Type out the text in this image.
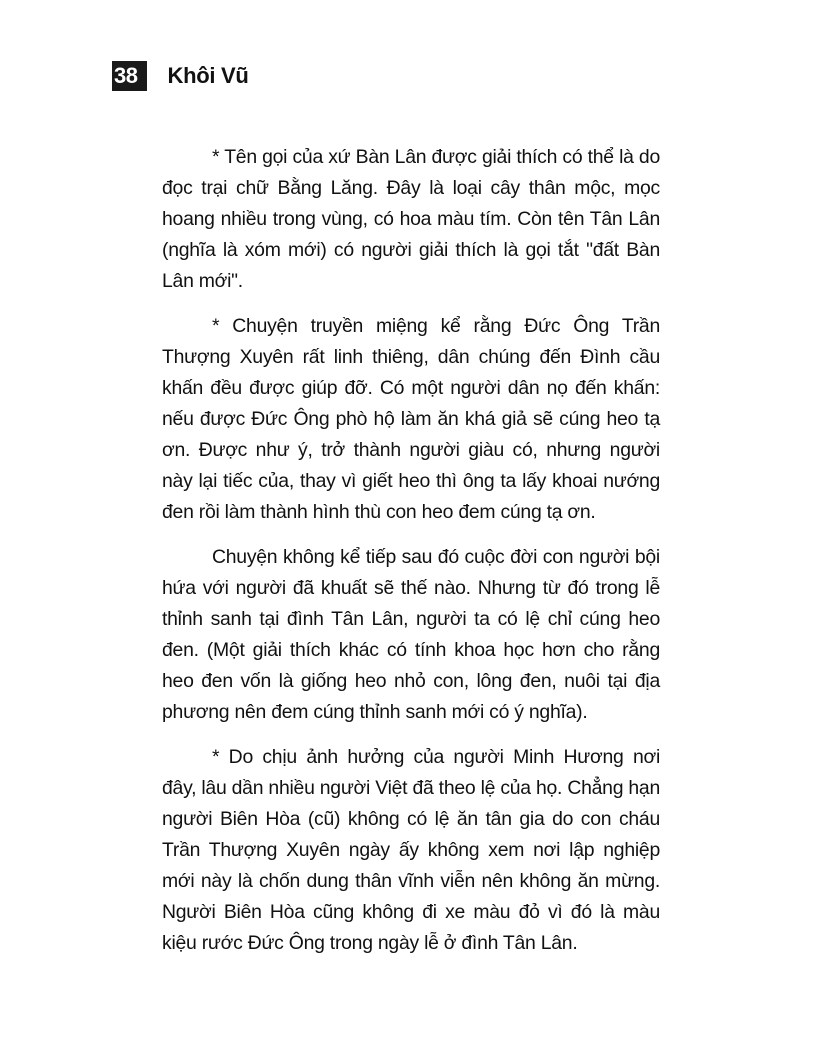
38	Khôi Vũ

* Tên gọi của xứ Bàn Lân được giải thích có thể là do đọc trại chữ Bằng Lăng. Đây là loại cây thân mộc, mọc hoang nhiều trong vùng, có hoa màu tím. Còn tên Tân Lân (nghĩa là xóm mới) có người giải thích là gọi tắt "đất Bàn Lân mới".

* Chuyện truyền miệng kể rằng Đức Ông Trần Thượng Xuyên rất linh thiêng, dân chúng đến Đình cầu khấn đều được giúp đỡ. Có một người dân nọ đến khấn: nếu được Đức Ông phò hộ làm ăn khá giả sẽ cúng heo tạ ơn. Được như ý, trở thành người giàu có, nhưng người này lại tiếc của, thay vì giết heo thì ông ta lấy khoai nướng đen rồi làm thành hình thù con heo đem cúng tạ ơn.

Chuyện không kể tiếp sau đó cuộc đời con người bội hứa với người đã khuất sẽ thế nào. Nhưng từ đó trong lễ thỉnh sanh tại đình Tân Lân, người ta có lệ chỉ cúng heo đen. (Một giải thích khác có tính khoa học hơn cho rằng heo đen vốn là giống heo nhỏ con, lông đen, nuôi tại địa phương nên đem cúng thỉnh sanh mới có ý nghĩa).

* Do chịu ảnh hưởng của người Minh Hương nơi đây, lâu dần nhiều người Việt đã theo lệ của họ. Chẳng hạn người Biên Hòa (cũ) không có lệ ăn tân gia do con cháu Trần Thượng Xuyên ngày ấy không xem nơi lập nghiệp mới này là chốn dung thân vĩnh viễn nên không ăn mừng. Người Biên Hòa cũng không đi xe màu đỏ vì đó là màu kiệu rước Đức Ông trong ngày lễ ở đình Tân Lân.
